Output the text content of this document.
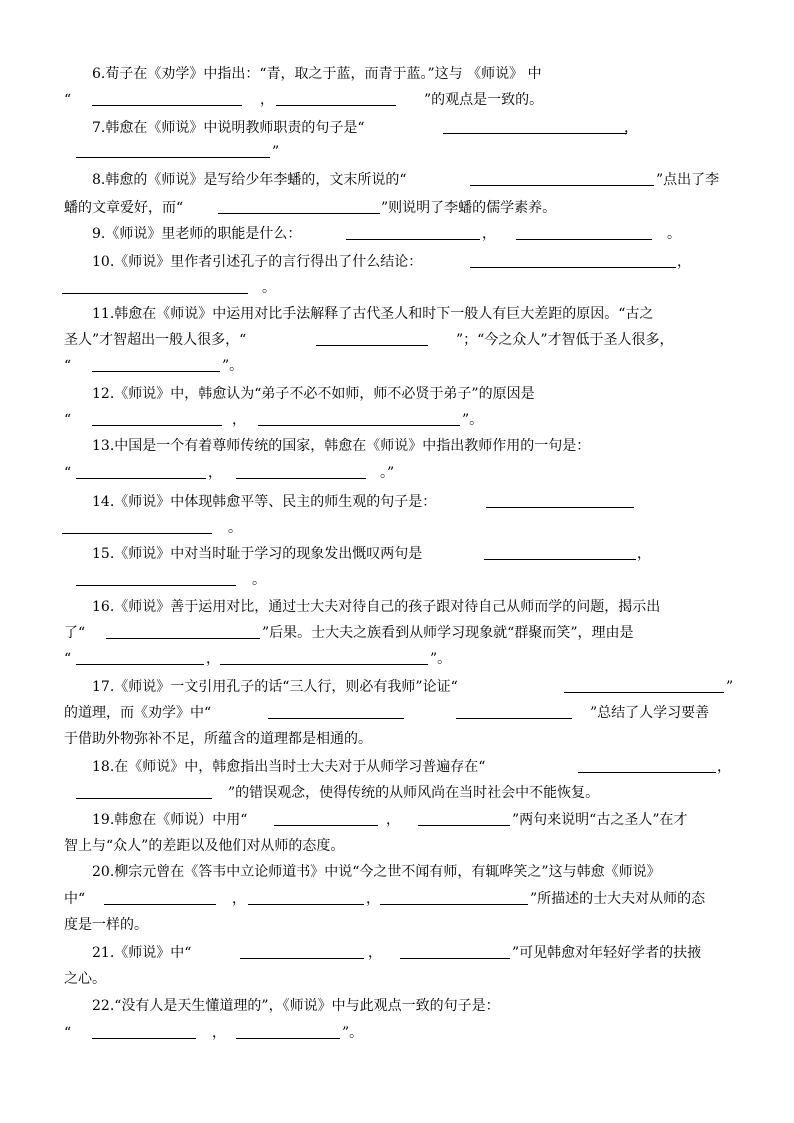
6.荀子在《劝学》中指出：“青，取之于蓝，而青于蓝。”这与 《师说》 中
“	，	”的观点是一致的。
7.韩愈在《师说》中说明教师职责的句子是“	，
”
8.韩愈的《师说》是写给少年李蟠的，文末所说的“	”点出了李
蟠的文章爱好，而“	”则说明了李蟠的儒学素养。
9.《师说》里老师的职能是什么：	，	。
10.《师说》里作者引述孔子的言行得出了什么结论：	，
。
11.韩愈在《师说》中运用对比手法解释了古代圣人和时下一般人有巨大差距的原因。“古之
圣人”才智超出一般人很多，“	”；“今之众人”才智低于圣人很多，
“	”。
12.《师说》中，韩愈认为“弟子不必不如师，师不必贤于弟子”的原因是
“	，	”。
13.中国是一个有着尊师传统的国家，韩愈在《师说》中指出教师作用的一句是：
“	，	。”
14.《师说》中体现韩愈平等、民主的师生观的句子是：
。
15.《师说》中对当时耻于学习的现象发出慨叹两句是	，
。
16.《师说》善于运用对比，通过士大夫对待自己的孩子跟对待自己从师而学的问题，揭示出
了“	”后果。士大夫之族看到从师学习现象就“群聚而笑”，理由是
“	，	”。
17.《师说》一文引用孔子的话“三人行，则必有我师”论证“	”
的道理，而《劝学》中“	”总结了人学习要善
于借助外物弥补不足，所蕴含的道理都是相通的。
18.在《师说》中，韩愈指出当时士大夫对于从师学习普遍存在“	，
”的错误观念，使得传统的从师风尚在当时社会中不能恢复。
19.韩愈在《师说）中用“	，	”两句来说明“古之圣人”在才
智上与“众人”的差距以及他们对从师的态度。
20.柳宗元曾在《答韦中立论师道书》中说“今之世不闻有师，有辄哗笑之”这与韩愈《师说》
中“	，	，	”所描述的士大夫对从师的态
度是一样的。
21.《师说》中“	，	”可见韩愈对年轻好学者的扶掖
之心。
22.“没有人是天生懂道理的”，《师说》中与此观点一致的句子是：
“	，	”。
